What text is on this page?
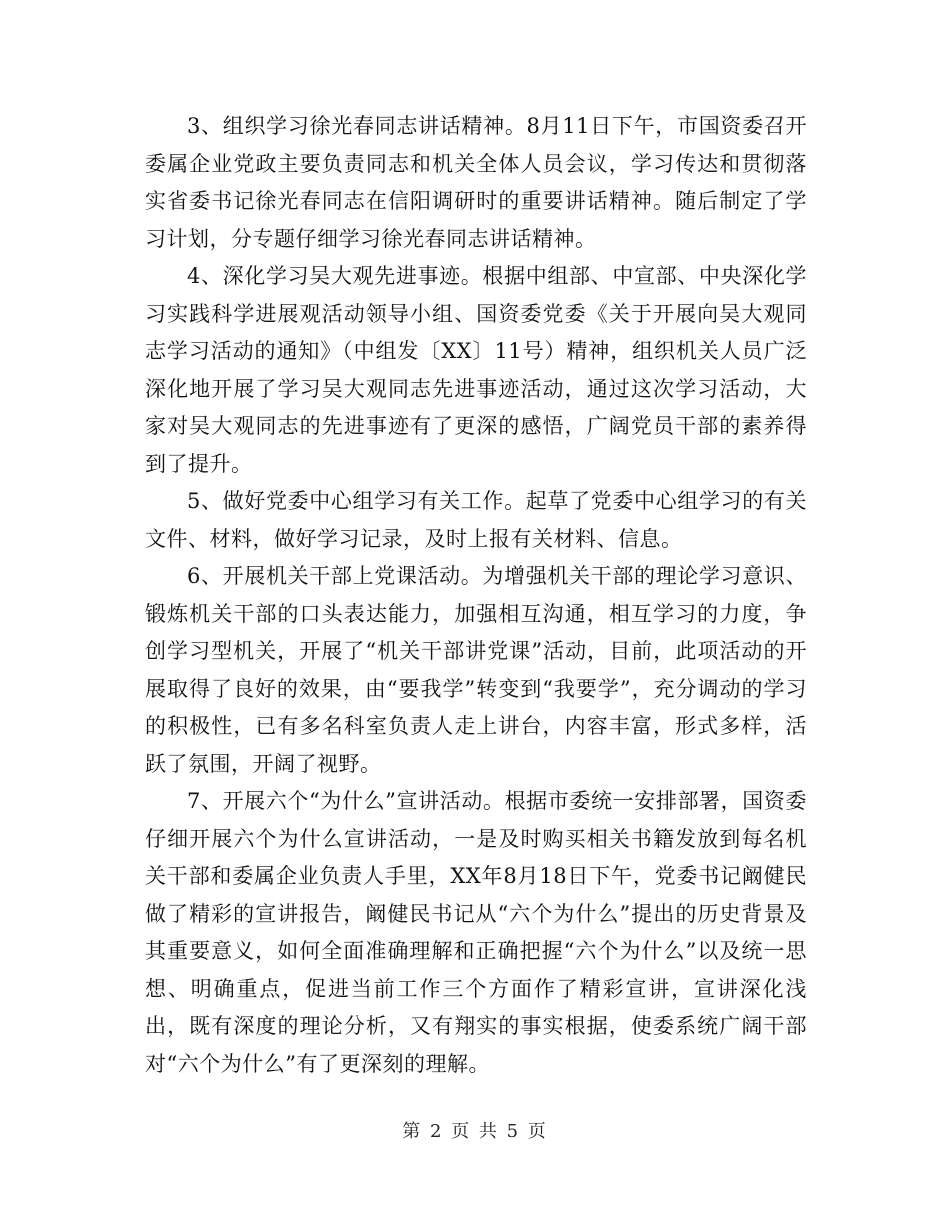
3、组织学习徐光春同志讲话精神。8月11日下午，市国资委召开委属企业党政主要负责同志和机关全体人员会议，学习传达和贯彻落实省委书记徐光春同志在信阳调研时的重要讲话精神。随后制定了学习计划，分专题仔细学习徐光春同志讲话精神。

4、深化学习吴大观先进事迹。根据中组部、中宣部、中央深化学习实践科学进展观活动领导小组、国资委党委《关于开展向吴大观同志学习活动的通知》（中组发〔XX〕11号）精神，组织机关人员广泛深化地开展了学习吴大观同志先进事迹活动，通过这次学习活动，大家对吴大观同志的先进事迹有了更深的感悟，广阔党员干部的素养得到了提升。

5、做好党委中心组学习有关工作。起草了党委中心组学习的有关文件、材料，做好学习记录，及时上报有关材料、信息。

6、开展机关干部上党课活动。为增强机关干部的理论学习意识、锻炼机关干部的口头表达能力，加强相互沟通，相互学习的力度，争创学习型机关，开展了“机关干部讲党课”活动，目前，此项活动的开展取得了良好的效果，由“要我学”转变到“我要学”，充分调动的学习的积极性，已有多名科室负责人走上讲台，内容丰富，形式多样，活跃了氛围，开阔了视野。

7、开展六个“为什么”宣讲活动。根据市委统一安排部署，国资委仔细开展六个为什么宣讲活动，一是及时购买相关书籍发放到每名机关干部和委属企业负责人手里，XX年8月18日下午，党委书记阚健民做了精彩的宣讲报告，阚健民书记从“六个为什么”提出的历史背景及其重要意义，如何全面准确理解和正确把握“六个为什么”以及统一思想、明确重点，促进当前工作三个方面作了精彩宣讲，宣讲深化浅出，既有深度的理论分析，又有翔实的事实根据，使委系统广阔干部对“六个为什么”有了更深刻的理解。

第 2 页 共 5 页
